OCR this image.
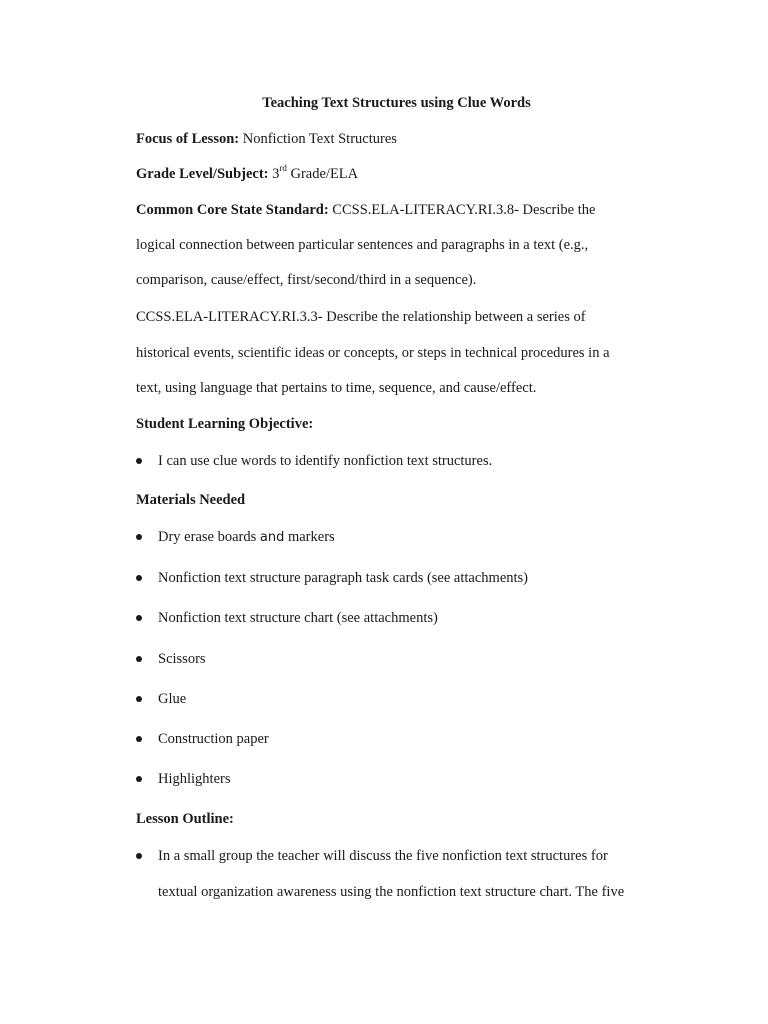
Teaching Text Structures using Clue Words
Focus of Lesson: Nonfiction Text Structures
Grade Level/Subject: 3rd Grade/ELA
Common Core State Standard: CCSS.ELA-LITERACY.RI.3.8- Describe the
logical connection between particular sentences and paragraphs in a text (e.g.,
comparison, cause/effect, first/second/third in a sequence).
CCSS.ELA-LITERACY.RI.3.3- Describe the relationship between a series of
historical events, scientific ideas or concepts, or steps in technical procedures in a
text, using language that pertains to time, sequence, and cause/effect.
Student Learning Objective:
I can use clue words to identify nonfiction text structures.
Materials Needed
Dry erase boards and markers
Nonfiction text structure paragraph task cards (see attachments)
Nonfiction text structure chart (see attachments)
Scissors
Glue
Construction paper
Highlighters
Lesson Outline:
In a small group the teacher will discuss the five nonfiction text structures for
textual organization awareness using the nonfiction text structure chart. The five
